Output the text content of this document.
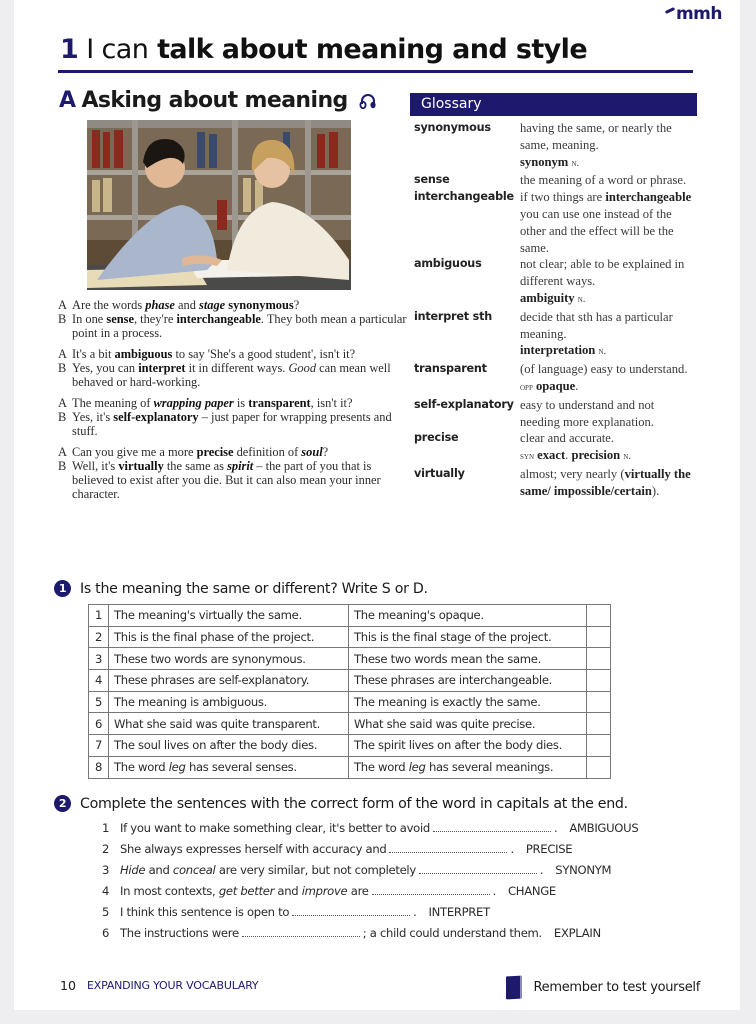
mmh
1 I can talk about meaning and style
A Asking about meaning
A Are the words phase and stage synonymous?
B In one sense, they're interchangeable. They both mean a particular point in a process.
A It's a bit ambiguous to say 'She's a good student', isn't it?
B Yes, you can interpret it in different ways. Good can mean well behaved or hard-working.
A The meaning of wrapping paper is transparent, isn't it?
B Yes, it's self-explanatory – just paper for wrapping presents and stuff.
A Can you give me a more precise definition of soul?
B Well, it's virtually the same as spirit – the part of you that is believed to exist after you die. But it can also mean your inner character.
Glossary
synonymous	having the same, or nearly the same, meaning.
synonym n.
sense	the meaning of a word or phrase.
interchangeable if two things are interchangeable you can use one instead of the other and the effect will be the same.
ambiguous	not clear; able to be explained in different ways.
ambiguity n.
interpret sth	decide that sth has a particular meaning.
interpretation n.
transparent	(of language) easy to understand. opp opaque.
self-explanatory easy to understand and not needing more explanation.
precise	clear and accurate.
syn exact. precision n.
virtually	almost; very nearly (virtually the same/ impossible/certain).
1 Is the meaning the same or different? Write S or D.
1	The meaning's virtually the same.	The meaning's opaque.	
2	This is the final phase of the project.	This is the final stage of the project.	
3	These two words are synonymous.	These two words mean the same.	
4	These phrases are self-explanatory.	These phrases are interchangeable.	
5	The meaning is ambiguous.	The meaning is exactly the same.	
6	What she said was quite transparent.	What she said was quite precise.	
7	The soul lives on after the body dies.	The spirit lives on after the body dies.	
8	The word leg has several senses.	The word leg has several meanings.	
2 Complete the sentences with the correct form of the word in capitals at the end.
1 If you want to make something clear, it's better to avoid	. AMBIGUOUS
2 She always expresses herself with accuracy and	. PRECISE
3 Hide and conceal are very similar, but not completely	. SYNONYM
4 In most contexts, get better and improve are	. CHANGE
5 I think this sentence is open to	. INTERPRET
6 The instructions were	; a child could understand them. EXPLAIN
10 EXPANDING YOUR VOCABULARY	Remember to test yourself
